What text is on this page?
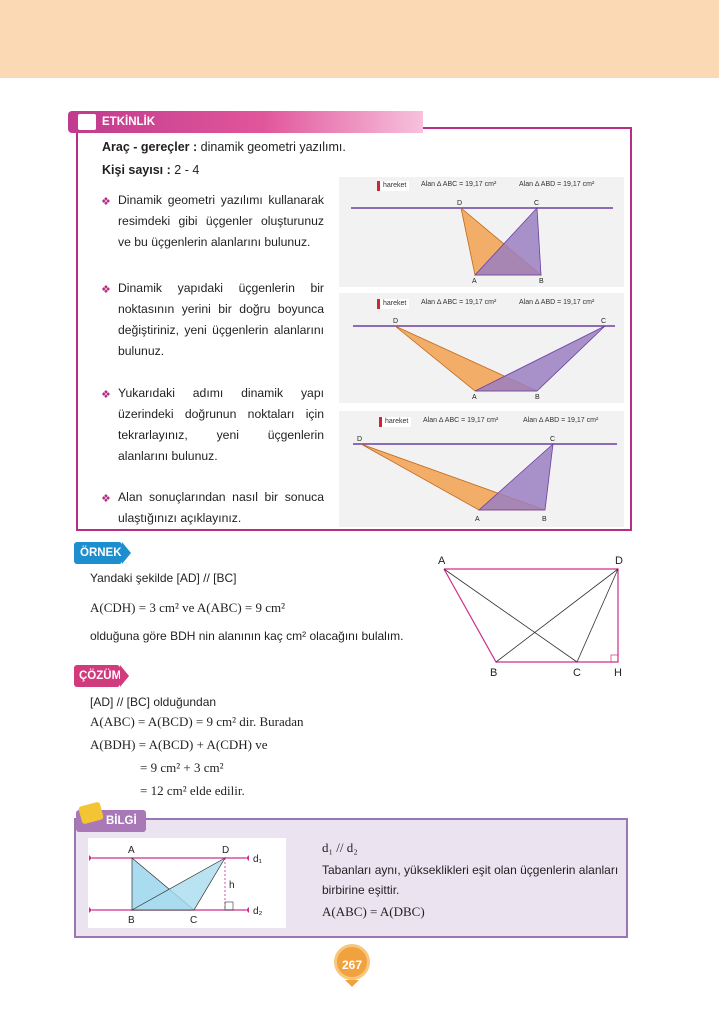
ETKİNLİK
Araç - gereçler : dinamik geometri yazılımı.
Kişi sayısı : 2 - 4
❖ Dinamik geometri yazılımı kullanarak resimdeki gibi üçgenler oluşturunuz ve bu üçgenlerin alanlarını bulunuz.
❖ Dinamik yapıdaki üçgenlerin bir noktasının yerini bir doğru boyunca değiştiriniz, yeni üçgenlerin alanlarını bulunuz.
❖ Yukarıdaki adımı dinamik yapı üzerindeki doğrunun noktaları için tekrarlayınız, yeni üçgenlerin alanlarını bulunuz.
❖ Alan sonuçlarından nasıl bir sonuca ulaştığınızı açıklayınız.
hareket	Alan ∆ ABC = 19,17 cm²	Alan ∆ ABD = 19,17 cm²
D	C
A	B
hareket	Alan ∆ ABC = 19,17 cm²	Alan ∆ ABD = 19,17 cm²
D	C
A	B
hareket	Alan ∆ ABC = 19,17 cm²	Alan ∆ ABD = 19,17 cm²
D	C
A	B
ÖRNEK
Yandaki şekilde [AD] // [BC]
A(CDH) = 3 cm² ve A(ABC) = 9 cm²
olduğuna göre BDH nin alanının kaç cm² olacağını bulalım.
A	D
B	C	H
ÇÖZÜM
[AD] // [BC] olduğundan
A(ABC) = A(BCD) = 9 cm² dir. Buradan
A(BDH) = A(BCD) + A(CDH) ve
= 9 cm² + 3 cm²
= 12 cm² elde edilir.
BİLGİ
A	D
B	C
h
d₁
d₂
d₁ // d₂
Tabanları aynı, yükseklikleri eşit olan üçgenlerin alanları birbirine eşittir.
A(ABC) = A(DBC)
267
